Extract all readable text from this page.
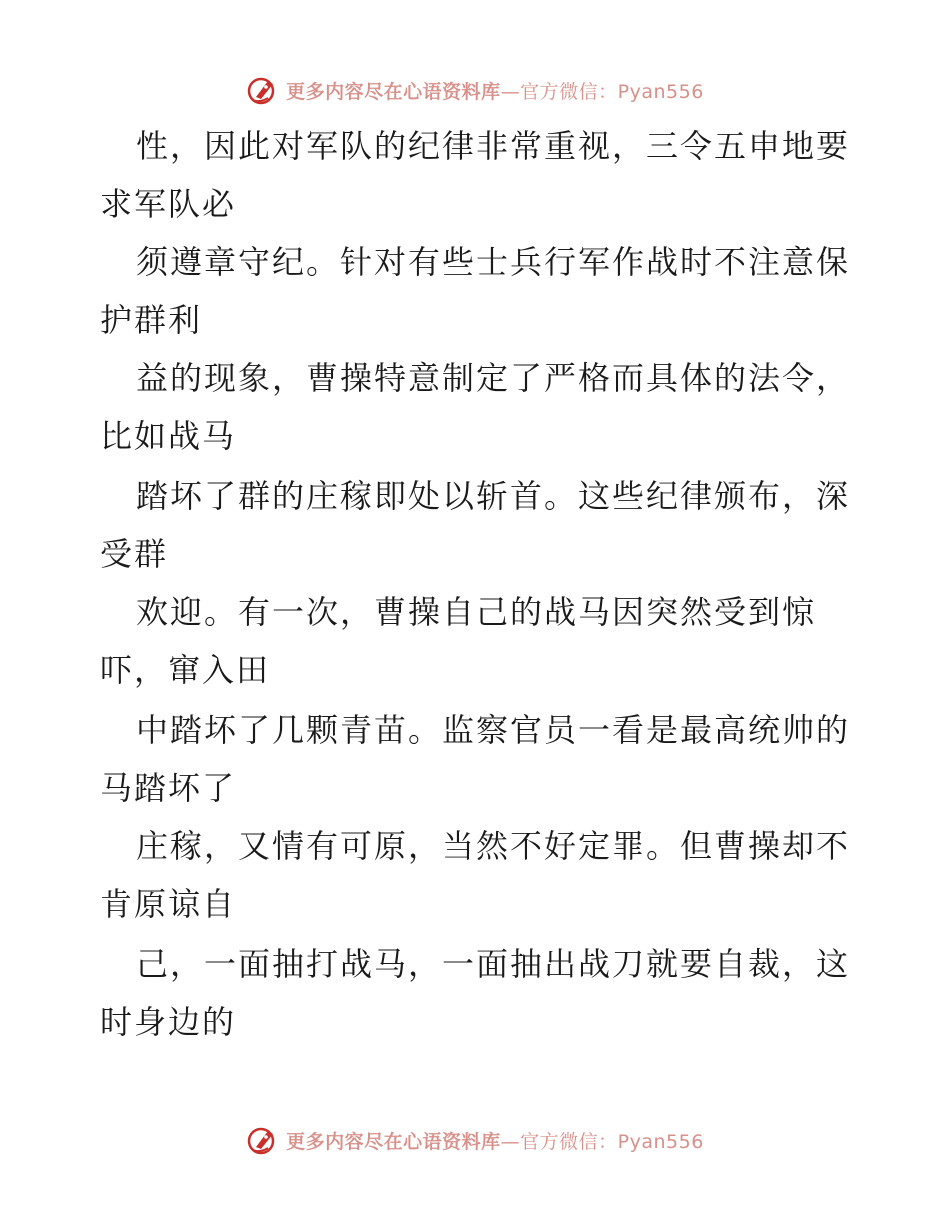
更多内容尽在心语资料库—官方微信：Pyan556
性，因此对军队的纪律非常重视，三令五申地要
求军队必
须遵章守纪。针对有些士兵行军作战时不注意保
护群利
益的现象，曹操特意制定了严格而具体的法令，
比如战马
踏坏了群的庄稼即处以斩首。这些纪律颁布，深
受群
欢迎。有一次，曹操自己的战马因突然受到惊
吓，窜入田
中踏坏了几颗青苗。监察官员一看是最高统帅的
马踏坏了
庄稼，又情有可原，当然不好定罪。但曹操却不
肯原谅自
己，一面抽打战马，一面抽出战刀就要自裁，这
时身边的
更多内容尽在心语资料库—官方微信：Pyan556
